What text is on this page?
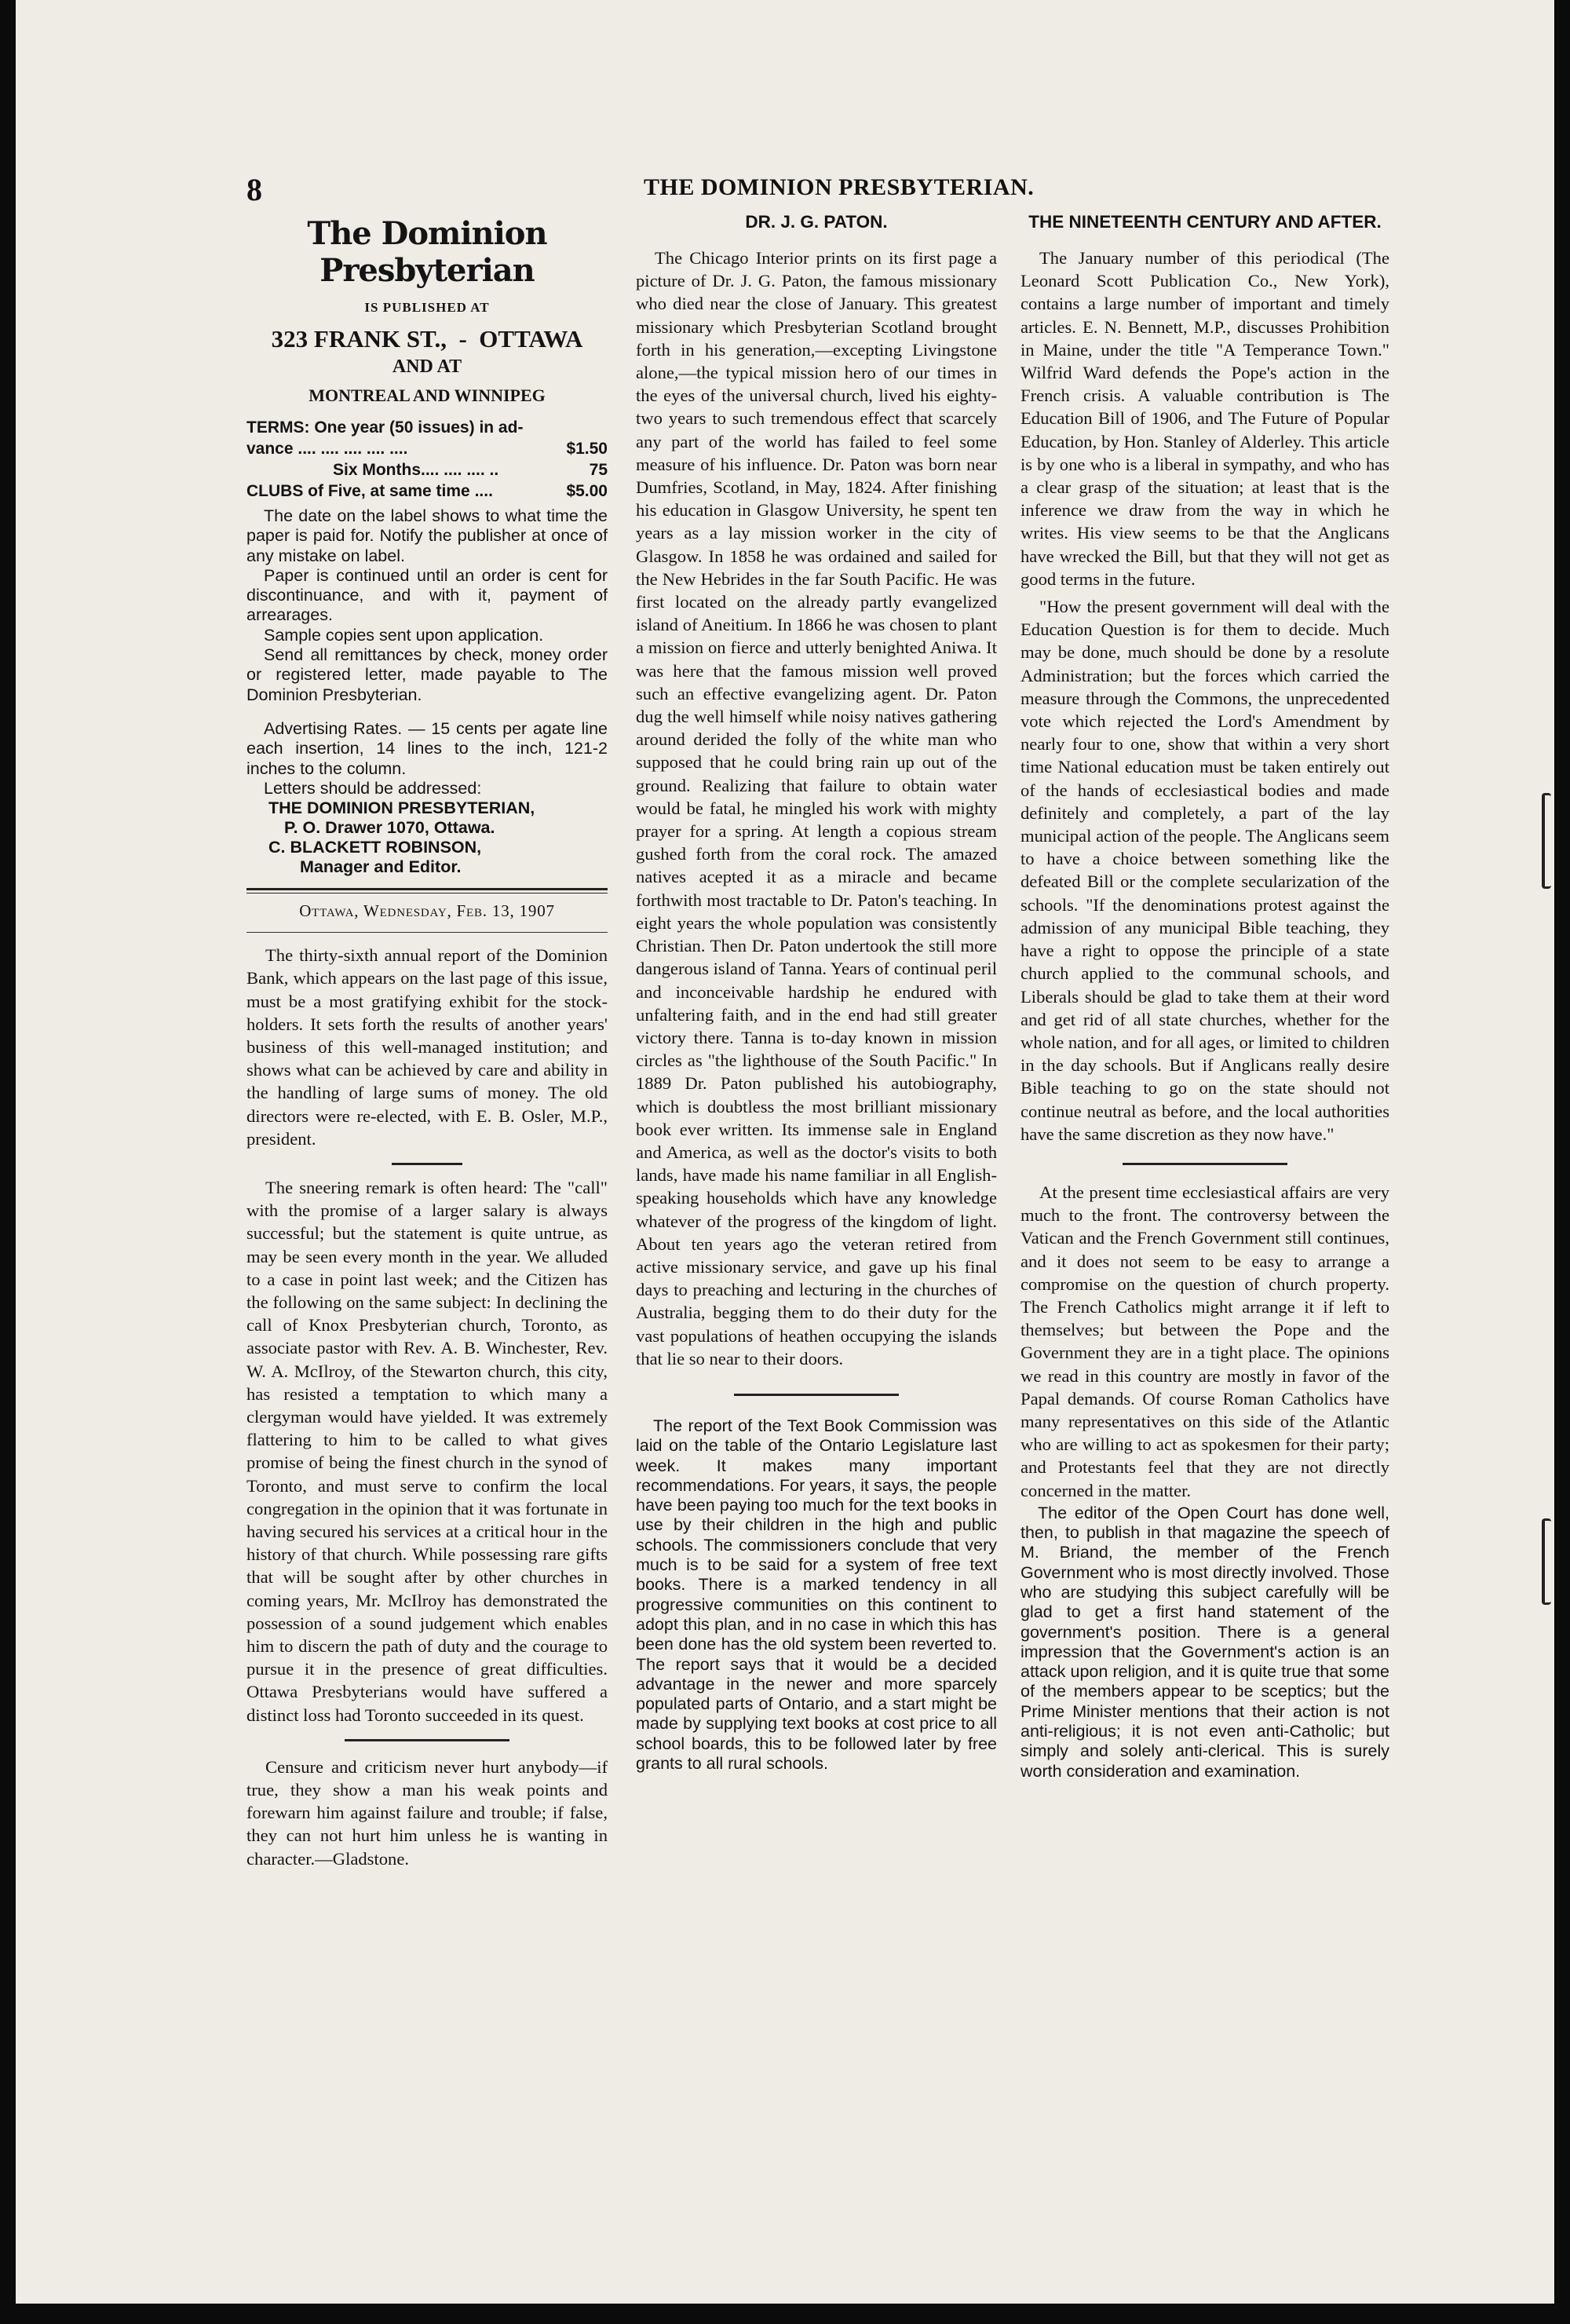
8	THE DOMINION PRESBYTERIAN.
The Dominion Presbyterian
IS PUBLISHED AT
323 FRANK ST.,  -  OTTAWA
AND AT
MONTREAL AND WINNIPEG
TERMS: One year (50 issues) in ad-
vance .... .... .... .... ....	$1.50
Six Months.... .... .... ..	75
CLUBS of Five, at same time ....	$5.00

The date on the label shows to what time the paper is paid for. Notify the publisher at once of any mistake on label.

Paper is continued until an order is cent for discontinuance, and with it, payment of arrearages.

Sample copies sent upon application.

Send all remittances by check, money order or registered letter, made payable to The Dominion Presbyterian.

Advertising Rates. — 15 cents per agate line each insertion, 14 lines to the inch, 121-2 inches to the column.

Letters should be addressed:

THE DOMINION PRESBYTERIAN,
P. O. Drawer 1070, Ottawa.
C. BLACKETT ROBINSON,
Manager and Editor.
Ottawa, Wednesday, Feb. 13, 1907

The thirty-sixth annual report of the Dominion Bank, which appears on the last page of this issue, must be a most gratifying exhibit for the stock-holders. It sets forth the results of another years' business of this well-managed institution; and shows what can be achieved by care and ability in the handling of large sums of money. The old directors were re-elected, with E. B. Osler, M.P., president.

The sneering remark is often heard: The "call" with the promise of a larger salary is always successful; but the statement is quite untrue, as may be seen every month in the year. We alluded to a case in point last week; and the Citizen has the following on the same subject: In declining the call of Knox Presbyterian church, Toronto, as associate pastor with Rev. A. B. Winchester, Rev. W. A. McIlroy, of the Stewarton church, this city, has resisted a temptation to which many a clergyman would have yielded. It was extremely flattering to him to be called to what gives promise of being the finest church in the synod of Toronto, and must serve to confirm the local congregation in the opinion that it was fortunate in having secured his services at a critical hour in the history of that church. While possessing rare gifts that will be sought after by other churches in coming years, Mr. McIlroy has demonstrated the possession of a sound judgement which enables him to discern the path of duty and the courage to pursue it in the presence of great difficulties. Ottawa Presbyterians would have suffered a distinct loss had Toronto succeeded in its quest.

Censure and criticism never hurt anybody—if true, they show a man his weak points and forewarn him against failure and trouble; if false, they can not hurt him unless he is wanting in character.—Gladstone.

DR. J. G. PATON.

The Chicago Interior prints on its first page a picture of Dr. J. G. Paton, the famous missionary who died near the close of January. This greatest missionary which Presbyterian Scotland brought forth in his generation,—excepting Livingstone alone,—the typical mission hero of our times in the eyes of the universal church, lived his eighty-two years to such tremendous effect that scarcely any part of the world has failed to feel some measure of his influence. Dr. Paton was born near Dumfries, Scotland, in May, 1824. After finishing his education in Glasgow University, he spent ten years as a lay mission worker in the city of Glasgow. In 1858 he was ordained and sailed for the New Hebrides in the far South Pacific. He was first located on the already partly evangelized island of Aneitium. In 1866 he was chosen to plant a mission on fierce and utterly benighted Aniwa. It was here that the famous mission well proved such an effective evangelizing agent. Dr. Paton dug the well himself while noisy natives gathering around derided the folly of the white man who supposed that he could bring rain up out of the ground. Realizing that failure to obtain water would be fatal, he mingled his work with mighty prayer for a spring. At length a copious stream gushed forth from the coral rock. The amazed natives acepted it as a miracle and became forthwith most tractable to Dr. Paton's teaching. In eight years the whole population was consistently Christian. Then Dr. Paton undertook the still more dangerous island of Tanna. Years of continual peril and inconceivable hardship he endured with unfaltering faith, and in the end had still greater victory there. Tanna is to-day known in mission circles as "the lighthouse of the South Pacific." In 1889 Dr. Paton published his autobiography, which is doubtless the most brilliant missionary book ever written. Its immense sale in England and America, as well as the doctor's visits to both lands, have made his name familiar in all English-speaking households which have any knowledge whatever of the progress of the kingdom of light. About ten years ago the veteran retired from active missionary service, and gave up his final days to preaching and lecturing in the churches of Australia, begging them to do their duty for the vast populations of heathen occupying the islands that lie so near to their doors.

The report of the Text Book Commission was laid on the table of the Ontario Legislature last week. It makes many important recommendations. For years, it says, the people have been paying too much for the text books in use by their children in the high and public schools. The commissioners conclude that very much is to be said for a system of free text books. There is a marked tendency in all progressive communities on this continent to adopt this plan, and in no case in which this has been done has the old system been reverted to. The report says that it would be a decided advantage in the newer and more sparcely populated parts of Ontario, and a start might be made by supplying text books at cost price to all school boards, this to be followed later by free grants to all rural schools.

THE NINETEENTH CENTURY AND AFTER.

The January number of this periodical (The Leonard Scott Publication Co., New York), contains a large number of important and timely articles. E. N. Bennett, M.P., discusses Prohibition in Maine, under the title "A Temperance Town." Wilfrid Ward defends the Pope's action in the French crisis. A valuable contribution is The Education Bill of 1906, and The Future of Popular Education, by Hon. Stanley of Alderley. This article is by one who is a liberal in sympathy, and who has a clear grasp of the situation; at least that is the inference we draw from the way in which he writes. His view seems to be that the Anglicans have wrecked the Bill, but that they will not get as good terms in the future.

"How the present government will deal with the Education Question is for them to decide. Much may be done, much should be done by a resolute Administration; but the forces which carried the measure through the Commons, the unprecedented vote which rejected the Lord's Amendment by nearly four to one, show that within a very short time National education must be taken entirely out of the hands of ecclesiastical bodies and made definitely and completely, a part of the lay municipal action of the people. The Anglicans seem to have a choice between something like the defeated Bill or the complete secularization of the schools. "If the denominations protest against the admission of any municipal Bible teaching, they have a right to oppose the principle of a state church applied to the communal schools, and Liberals should be glad to take them at their word and get rid of all state churches, whether for the whole nation, and for all ages, or limited to children in the day schools. But if Anglicans really desire Bible teaching to go on the state should not continue neutral as before, and the local authorities have the same discretion as they now have."

At the present time ecclesiastical affairs are very much to the front. The controversy between the Vatican and the French Government still continues, and it does not seem to be easy to arrange a compromise on the question of church property. The French Catholics might arrange it if left to themselves; but between the Pope and the Government they are in a tight place. The opinions we read in this country are mostly in favor of the Papal demands. Of course Roman Catholics have many representatives on this side of the Atlantic who are willing to act as spokesmen for their party; and Protestants feel that they are not directly concerned in the matter.

The editor of the Open Court has done well, then, to publish in that magazine the speech of M. Briand, the member of the French Government who is most directly involved. Those who are studying this subject carefully will be glad to get a first hand statement of the government's position. There is a general impression that the Government's action is an attack upon religion, and it is quite true that some of the members appear to be sceptics; but the Prime Minister mentions that their action is not anti-religious; it is not even anti-Catholic; but simply and solely anti-clerical. This is surely worth consideration and examination.
